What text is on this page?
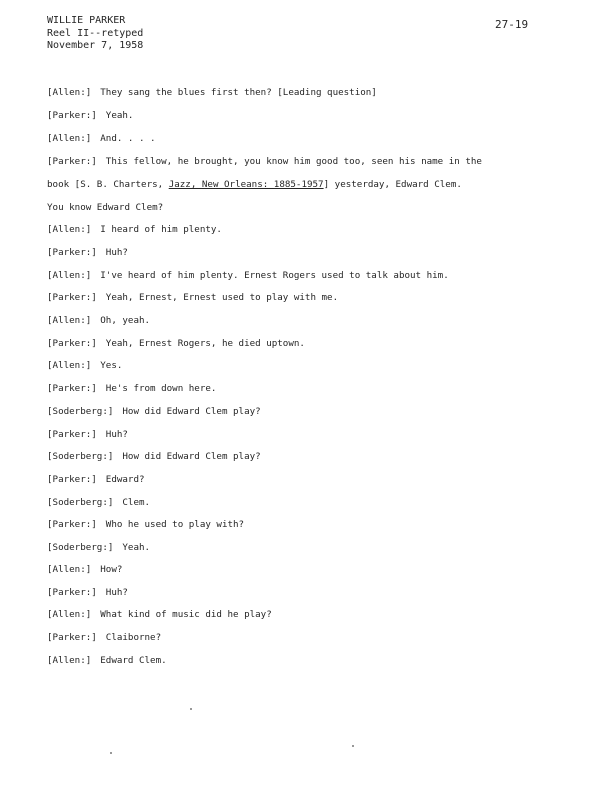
WILLIE PARKER
Reel II--retyped
November 7, 1958
27-19
[Allen:] They sang the blues first then? [Leading question]
[Parker:] Yeah.
[Allen:] And. . . .
[Parker:] This fellow, he brought, you know him good too, seen his name in the
book [S. B. Charters, Jazz, New Orleans: 1885-1957] yesterday, Edward Clem.
You know Edward Clem?
[Allen:] I heard of him plenty.
[Parker:] Huh?
[Allen:] I've heard of him plenty. Ernest Rogers used to talk about him.
[Parker:] Yeah, Ernest, Ernest used to play with me.
[Allen:] Oh, yeah.
[Parker:] Yeah, Ernest Rogers, he died uptown.
[Allen:] Yes.
[Parker:] He's from down here.
[Soderberg:] How did Edward Clem play?
[Parker:] Huh?
[Soderberg:] How did Edward Clem play?
[Parker:] Edward?
[Soderberg:] Clem.
[Parker:] Who he used to play with?
[Soderberg:] Yeah.
[Allen:] How?
[Parker:] Huh?
[Allen:] What kind of music did he play?
[Parker:] Claiborne?
[Allen:] Edward Clem.
